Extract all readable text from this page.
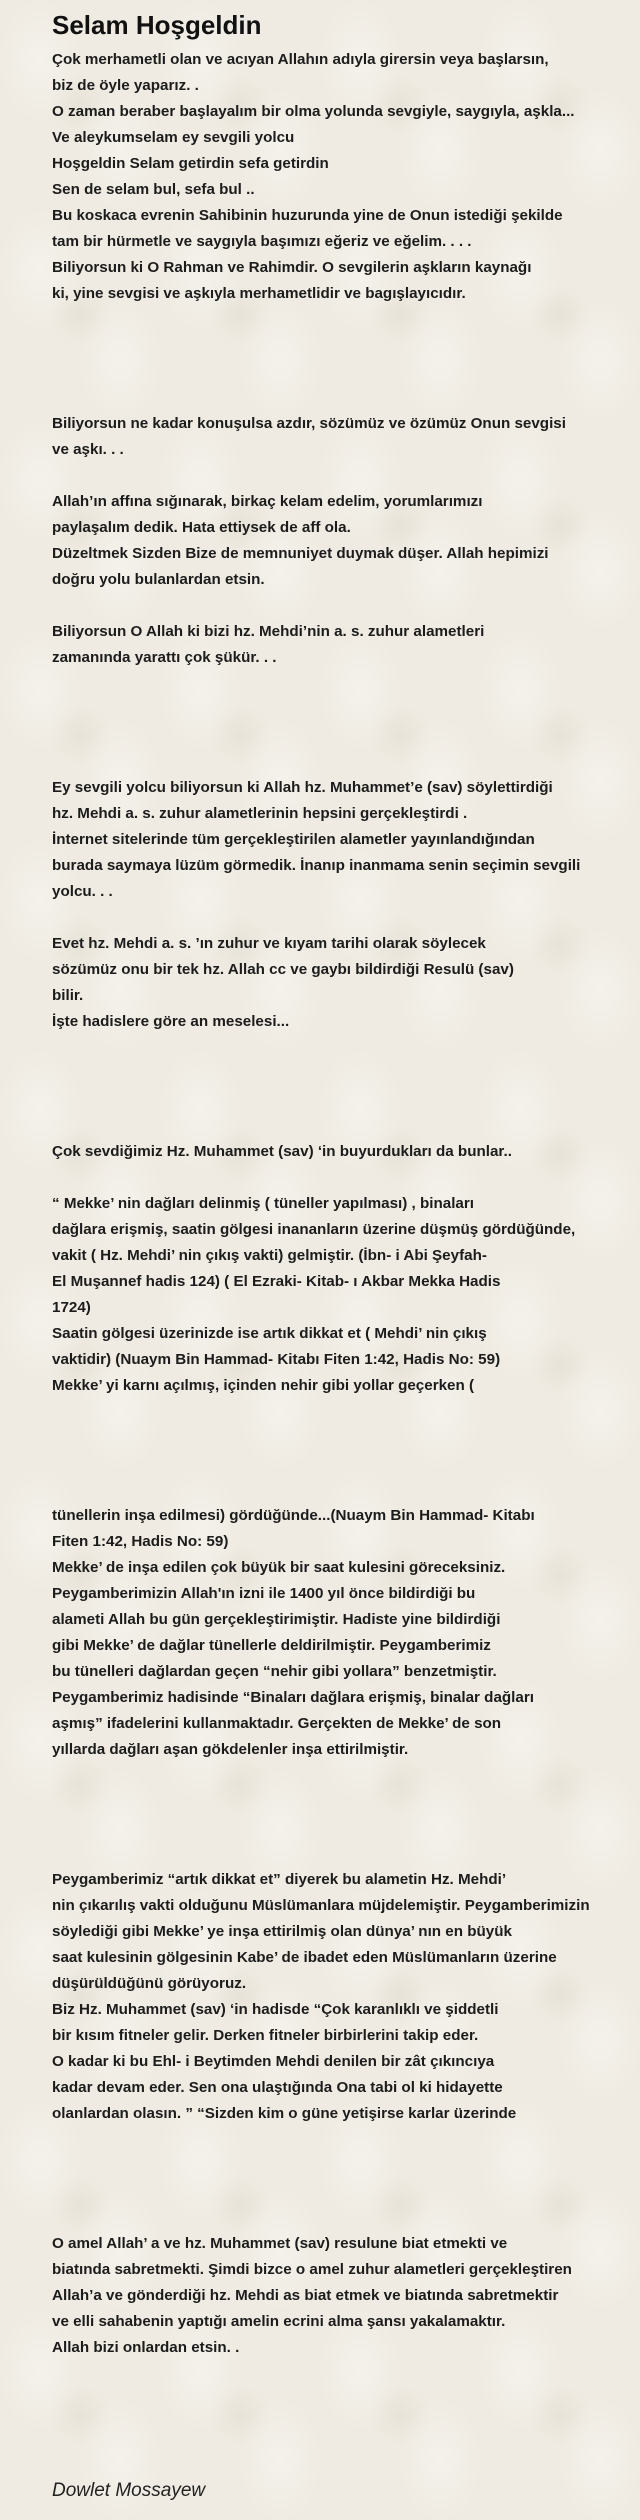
Selam Hoşgeldin
Çok merhametli olan ve acıyan Allahın adıyla girersin veya başlarsın,
biz de öyle yaparız. .
O zaman beraber başlayalım bir olma yolunda sevgiyle, saygıyla, aşkla...
Ve aleykumselam ey sevgili yolcu
Hoşgeldin Selam getirdin sefa getirdin
Sen de selam bul, sefa bul ..
Bu koskaca evrenin Sahibinin huzurunda yine de Onun istediği şekilde
tam bir hürmetle ve saygıyla başımızı eğeriz ve eğelim. . . .
Biliyorsun ki O Rahman ve Rahimdir. O sevgilerin aşkların kaynağı
ki, yine sevgisi ve aşkıyla merhametlidir ve bagışlayıcıdır.
Biliyorsun ne kadar konuşulsa azdır, sözümüz ve özümüz Onun sevgisi
ve aşkı. . .
Allah’ın affına sığınarak, birkaç kelam edelim, yorumlarımızı
paylaşalım dedik. Hata ettiysek de aff ola.
Düzeltmek Sizden Bize de memnuniyet duymak düşer. Allah hepimizi
doğru yolu bulanlardan etsin.
Biliyorsun O Allah ki bizi hz. Mehdi’nin a. s. zuhur alametleri
zamanında yarattı çok şükür. . .
Ey sevgili yolcu biliyorsun ki Allah hz. Muhammet’e (sav) söylettirdiği
hz. Mehdi a. s. zuhur alametlerinin hepsini gerçekleştirdi .
İnternet sitelerinde tüm gerçekleştirilen alametler yayınlandığından
burada saymaya lüzüm görmedik. İnanıp inanmama senin seçimin sevgili
yolcu. . .
Evet hz. Mehdi a. s. ’ın zuhur ve kıyam tarihi olarak söylecek
sözümüz onu bir tek hz. Allah cc ve gaybı bildirdiği Resulü (sav)
bilir.
İşte hadislere göre an meselesi...
Çok sevdiğimiz Hz. Muhammet (sav) ‘in buyurdukları da bunlar..
“ Mekke’ nin dağları delinmiş ( tüneller yapılması) , binaları
dağlara erişmiş, saatin gölgesi inananların üzerine düşmüş gördüğünde,
vakit ( Hz. Mehdi’ nin çıkış vakti) gelmiştir. (İbn- i Abi Şeyfah-
El Muşannef hadis 124) ( El Ezraki- Kitab- ı Akbar Mekka Hadis
1724)
Saatin gölgesi üzerinizde ise artık dikkat et ( Mehdi’ nin çıkış
vaktidir) (Nuaym Bin Hammad- Kitabı Fiten 1:42, Hadis No: 59)
Mekke’ yi karnı açılmış, içinden nehir gibi yollar geçerken (
tünellerin inşa edilmesi) gördüğünde...(Nuaym Bin Hammad- Kitabı
Fiten 1:42, Hadis No: 59)
Mekke’ de inşa edilen çok büyük bir saat kulesini göreceksiniz.
Peygamberimizin Allah'ın izni ile 1400 yıl önce bildirdiği bu
alameti Allah bu gün gerçekleştirimiştir. Hadiste yine bildirdiği
gibi Mekke’ de dağlar tünellerle deldirilmiştir. Peygamberimiz
bu tünelleri dağlardan geçen “nehir gibi yollara” benzetmiştir.
Peygamberimiz hadisinde “Binaları dağlara erişmiş, binalar dağları
aşmış” ifadelerini kullanmaktadır. Gerçekten de Mekke’ de son
yıllarda dağları aşan gökdelenler inşa ettirilmiştir.
Peygamberimiz “artık dikkat et” diyerek bu alametin Hz. Mehdi’
nin çıkarılış vakti olduğunu Müslümanlara müjdelemiştir. Peygamberimizin
söylediği gibi Mekke’ ye inşa ettirilmiş olan dünya’ nın en büyük
saat kulesinin gölgesinin Kabe’ de ibadet eden Müslümanların üzerine
düşürüldüğünü görüyoruz.
Biz Hz. Muhammet (sav) ‘in hadisde “Çok karanlıklı ve şiddetli
bir kısım fitneler gelir. Derken fitneler birbirlerini takip eder.
O kadar ki bu Ehl- i Beytimden Mehdi denilen bir zât çıkıncıya
kadar devam eder. Sen ona ulaştığında Ona tabi ol ki hidayette
olanlardan olasın. ” “Sizden kim o güne yetişirse karlar üzerinde
O amel Allah’ a ve hz. Muhammet (sav) resulune biat etmekti ve
biatında sabretmekti. Şimdi bizce o amel zuhur alametleri gerçekleştiren
Allah’a ve gönderdiği hz. Mehdi as biat etmek ve biatında sabretmektir
ve elli sahabenin yaptığı amelin ecrini alma şansı yakalamaktır.
Allah bizi onlardan etsin. .
Dowlet Mossayew
